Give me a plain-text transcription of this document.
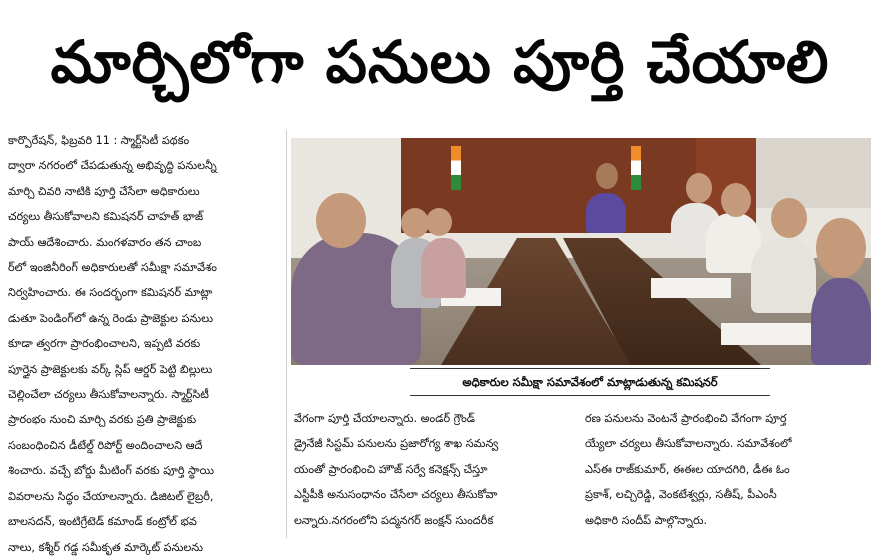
మార్చిలోగా పనులు పూర్తి చేయాలి
కార్పొరేషన్, ఫిబ్రవరి 11 : స్మార్ట్‌సిటీ పథకం
ద్వారా నగరంలో చేపడుతున్న అభివృద్ధి పనులన్నీ
మార్చి చివరి నాటికి పూర్తి చేసేలా అధికారులు
చర్యలు తీసుకోవాలని కమిషనర్ చాహత్ భాజ్
పాయ్ ఆదేశించారు. మంగళవారం తన చాంబ
ర్‌లో ఇంజినీరింగ్ అధికారులతో సమీక్షా సమావేశం
నిర్వహించారు. ఈ సందర్భంగా కమిషనర్ మాట్లా
డుతూ పెండింగ్‌లో ఉన్న రెండు ప్రాజెక్టుల పనులు
కూడా త్వరగా ప్రారంభించాలని, ఇప్పటి వరకు
పూర్తైన ప్రాజెక్టులకు వర్క్ స్లిప్ ఆర్డర్ పెట్టి బిల్లులు
చెల్లించేలా చర్యలు తీసుకోవాలన్నారు. స్మార్ట్‌సిటీ
ప్రారంభం నుంచి మార్చి వరకు ప్రతి ప్రాజెక్టుకు
సంబంధించిన డీటేల్డ్ రిపోర్ట్ అందించాలని ఆదే
శించారు. వచ్చే బోర్డు మీటింగ్ వరకు పూర్తి స్థాయి
వివరాలను సిద్ధం చేయాలన్నారు. డిజిటల్ లైబ్రరీ,
బాలసదన్, ఇంటిగ్రేటెడ్ కమాండ్ కంట్రోల్ భవ
నాలు, కశ్మీర్ గడ్డ సమీకృత మార్కెట్ పనులను
అధికారుల సమీక్షా సమావేశంలో మాట్లాడుతున్న కమిషనర్
వేగంగా పూర్తి చేయాలన్నారు. అండర్ గ్రౌండ్
డ్రైనేజీ సిస్టమ్ పనులను ప్రజారోగ్య శాఖ సమన్వ
యంతో ప్రారంభించి హౌజ్ సర్వే కనెక్షన్స్ చేస్తూ
ఎస్టీపీకి అనుసంధానం చేసేలా చర్యలు తీసుకోవా
లన్నారు.నగరంలోని పద్మనగర్ జంక్షన్ సుందరీక
రణ పనులను వెంటనే ప్రారంభించి వేగంగా పూర్త
య్యేలా చర్యలు తీసుకోవాలన్నారు. సమావేశంలో
ఎస్ఈ రాజ్‌కుమార్, ఈఈల యాదగిరి, డీఈ ఓం
ప్రకాశ్, లచ్చిరెడ్డి, వెంకటేశ్వర్లు, సతీష్, పీఎంసీ
అధికారి సందీప్ పాల్గొన్నారు.
